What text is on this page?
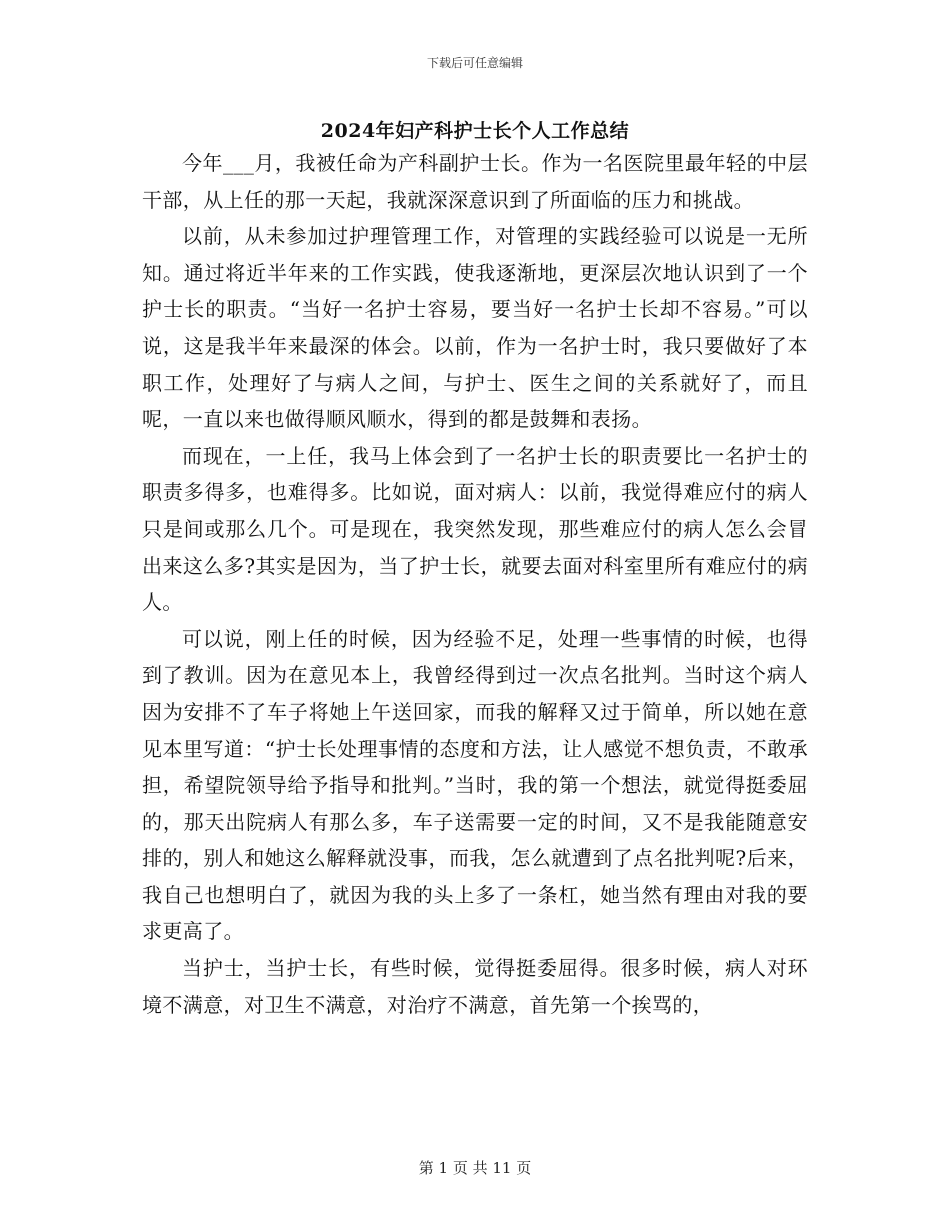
下载后可任意编辑
2024年妇产科护士长个人工作总结

今年___月，我被任命为产科副护士长。作为一名医院里最年轻的中层干部，从上任的那一天起，我就深深意识到了所面临的压力和挑战。

以前，从未参加过护理管理工作，对管理的实践经验可以说是一无所知。通过将近半年来的工作实践，使我逐渐地，更深层次地认识到了一个护士长的职责。“当好一名护士容易，要当好一名护士长却不容易。”可以说，这是我半年来最深的体会。以前，作为一名护士时，我只要做好了本职工作，处理好了与病人之间，与护士、医生之间的关系就好了，而且呢，一直以来也做得顺风顺水，得到的都是鼓舞和表扬。

而现在，一上任，我马上体会到了一名护士长的职责要比一名护士的职责多得多，也难得多。比如说，面对病人：以前，我觉得难应付的病人只是间或那么几个。可是现在，我突然发现，那些难应付的病人怎么会冒出来这么多?其实是因为，当了护士长，就要去面对科室里所有难应付的病人。

可以说，刚上任的时候，因为经验不足，处理一些事情的时候，也得到了教训。因为在意见本上，我曾经得到过一次点名批判。当时这个病人因为安排不了车子将她上午送回家，而我的解释又过于简单，所以她在意见本里写道：“护士长处理事情的态度和方法，让人感觉不想负责，不敢承担，希望院领导给予指导和批判。”当时，我的第一个想法，就觉得挺委屈的，那天出院病人有那么多，车子送需要一定的时间，又不是我能随意安排的，别人和她这么解释就没事，而我，怎么就遭到了点名批判呢?后来，我自己也想明白了，就因为我的头上多了一条杠，她当然有理由对我的要求更高了。

当护士，当护士长，有些时候，觉得挺委屈得。很多时候，病人对环境不满意，对卫生不满意，对治疗不满意，首先第一个挨骂的，

第 1 页 共 11 页
